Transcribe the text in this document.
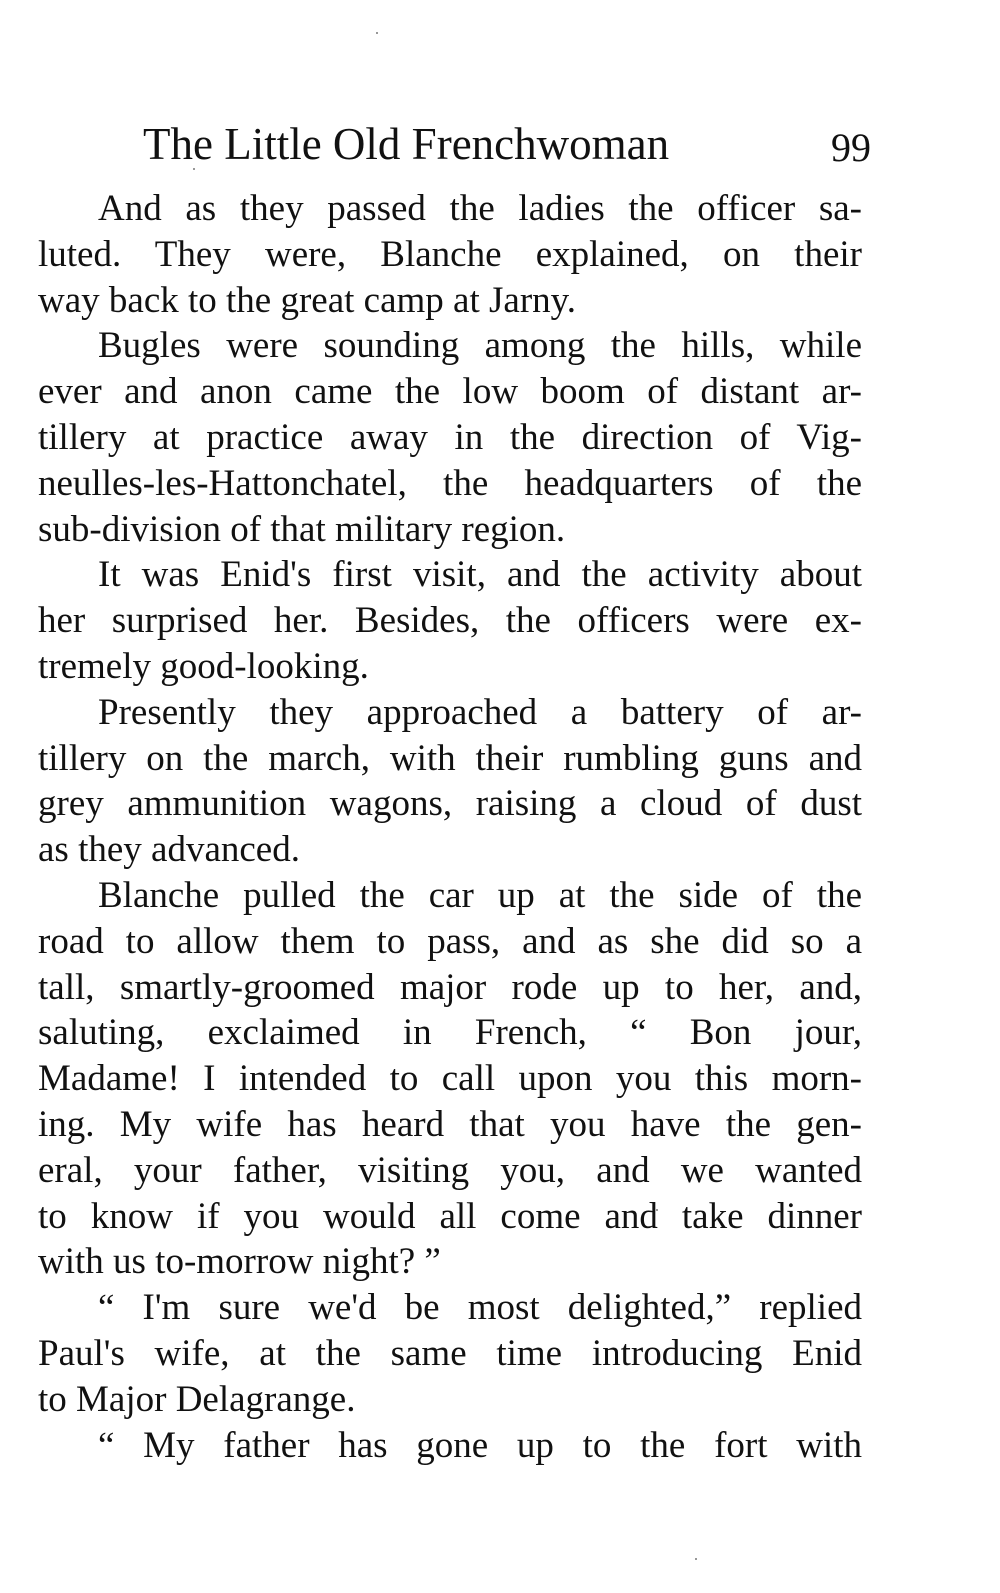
The Little Old Frenchwoman	99
And as they passed the ladies the officer sa-
luted. They were, Blanche explained, on their
way back to the great camp at Jarny.
Bugles were sounding among the hills, while
ever and anon came the low boom of distant ar-
tillery at practice away in the direction of Vig-
neulles-les-Hattonchatel, the headquarters of the
sub-division of that military region.
It was Enid's first visit, and the activity about
her surprised her. Besides, the officers were ex-
tremely good-looking.
Presently they approached a battery of ar-
tillery on the march, with their rumbling guns and
grey ammunition wagons, raising a cloud of dust
as they advanced.
Blanche pulled the car up at the side of the
road to allow them to pass, and as she did so a
tall, smartly-groomed major rode up to her, and,
saluting, exclaimed in French, “ Bon jour,
Madame! I intended to call upon you this morn-
ing. My wife has heard that you have the gen-
eral, your father, visiting you, and we wanted
to know if you would all come and take dinner
with us to-morrow night? ”
“ I'm sure we'd be most delighted,” replied
Paul's wife, at the same time introducing Enid
to Major Delagrange.
“ My father has gone up to the fort with
